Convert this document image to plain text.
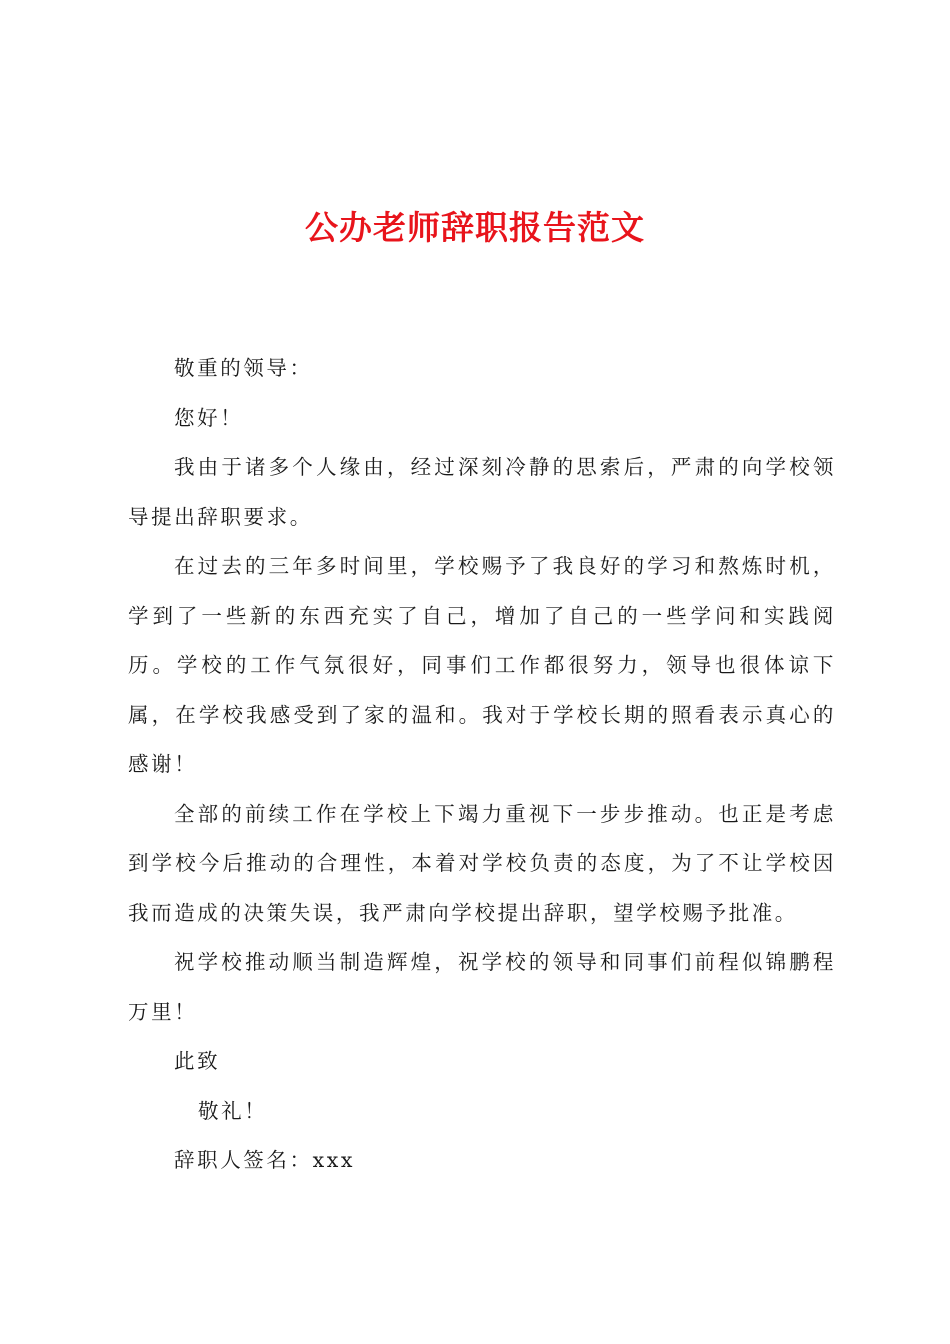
公办老师辞职报告范文

敬重的领导：

您好！

我由于诸多个人缘由，经过深刻冷静的思索后，严肃的向学校领导提出辞职要求。

在过去的三年多时间里，学校赐予了我良好的学习和熬炼时机，学到了一些新的东西充实了自己，增加了自己的一些学问和实践阅历。学校的工作气氛很好，同事们工作都很努力，领导也很体谅下属，在学校我感受到了家的温和。我对于学校长期的照看表示真心的感谢！

全部的前续工作在学校上下竭力重视下一步步推动。也正是考虑到学校今后推动的合理性，本着对学校负责的态度，为了不让学校因我而造成的决策失误，我严肃向学校提出辞职，望学校赐予批准。

祝学校推动顺当制造辉煌，祝学校的领导和同事们前程似锦鹏程万里！

此致

敬礼！

辞职人签名：xxx
